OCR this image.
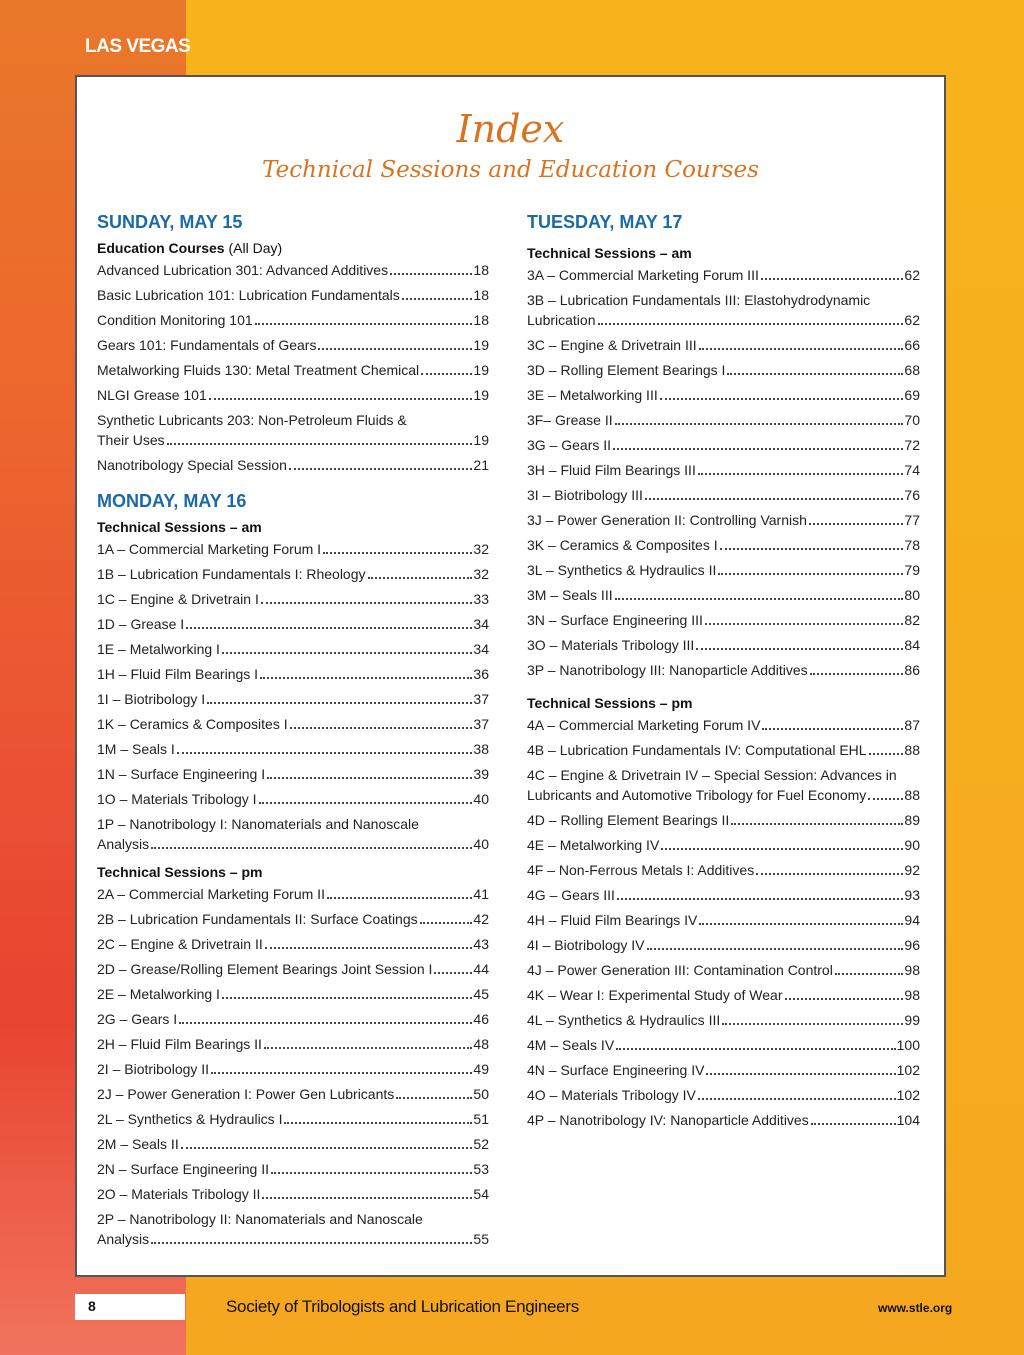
LAS VEGAS
Index
Technical Sessions and Education Courses
SUNDAY, MAY 15
Education Courses (All Day)
Advanced Lubrication 301: Advanced Additives	18
Basic Lubrication 101: Lubrication Fundamentals	18
Condition Monitoring 101	18
Gears 101: Fundamentals of Gears	19
Metalworking Fluids 130: Metal Treatment Chemical	19
NLGI Grease 101	19
Synthetic Lubricants 203: Non-Petroleum Fluids &
Their Uses	19
Nanotribology Special Session	21
MONDAY, MAY 16
Technical Sessions – am
1A – Commercial Marketing Forum I	32
1B – Lubrication Fundamentals I: Rheology	32
1C – Engine & Drivetrain I	33
1D – Grease I	34
1E – Metalworking I	34
1H – Fluid Film Bearings I	36
1I – Biotribology I	37
1K – Ceramics & Composites I	37
1M – Seals I	38
1N – Surface Engineering I	39
1O – Materials Tribology I	40
1P – Nanotribology I: Nanomaterials and Nanoscale
Analysis	40
Technical Sessions – pm
2A – Commercial Marketing Forum II	41
2B – Lubrication Fundamentals II: Surface Coatings	42
2C – Engine & Drivetrain II	43
2D – Grease/Rolling Element Bearings Joint Session I	44
2E – Metalworking I	45
2G – Gears I	46
2H – Fluid Film Bearings II	48
2I – Biotribology II	49
2J – Power Generation I: Power Gen Lubricants	50
2L – Synthetics & Hydraulics I	51
2M – Seals II	52
2N – Surface Engineering II	53
2O – Materials Tribology II	54
2P – Nanotribology II: Nanomaterials and Nanoscale
Analysis	55
TUESDAY, MAY 17
Technical Sessions – am
3A – Commercial Marketing Forum III	62
3B – Lubrication Fundamentals III: Elastohydrodynamic
Lubrication	62
3C – Engine & Drivetrain III	66
3D – Rolling Element Bearings I	68
3E – Metalworking III	69
3F– Grease II	70
3G – Gears II	72
3H – Fluid Film Bearings III	74
3I – Biotribology III	76
3J – Power Generation II: Controlling Varnish	77
3K – Ceramics & Composites I	78
3L – Synthetics & Hydraulics II	79
3M – Seals III	80
3N – Surface Engineering III	82
3O – Materials Tribology III	84
3P – Nanotribology III: Nanoparticle Additives	86
Technical Sessions – pm
4A – Commercial Marketing Forum IV	87
4B – Lubrication Fundamentals IV: Computational EHL	88
4C – Engine & Drivetrain IV – Special Session: Advances in
Lubricants and Automotive Tribology for Fuel Economy	88
4D – Rolling Element Bearings II	89
4E – Metalworking IV	90
4F – Non-Ferrous Metals I: Additives	92
4G – Gears III	93
4H – Fluid Film Bearings IV	94
4I – Biotribology IV	96
4J – Power Generation III: Contamination Control	98
4K – Wear I: Experimental Study of Wear	98
4L – Synthetics & Hydraulics III	99
4M – Seals IV	100
4N – Surface Engineering IV	102
4O – Materials Tribology IV	102
4P – Nanotribology IV: Nanoparticle Additives	104
8	Society of Tribologists and Lubrication Engineers	www.stle.org
